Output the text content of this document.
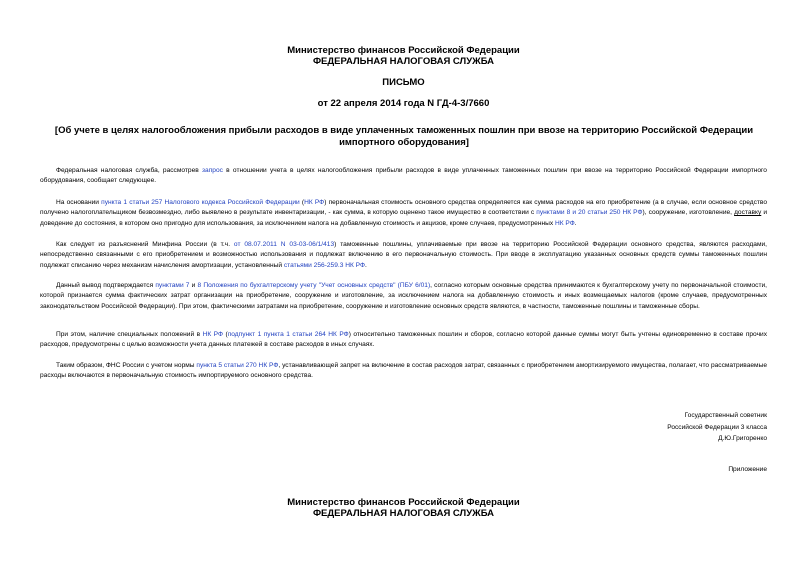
Министерство финансов Российской Федерации
ФЕДЕРАЛЬНАЯ НАЛОГОВАЯ СЛУЖБА
ПИСЬМО
от 22 апреля 2014 года N ГД-4-3/7660
[Об учете в целях налогообложения прибыли расходов в виде уплаченных таможенных пошлин при ввозе на территорию Российской Федерации импортного оборудования]

Федеральная налоговая служба, рассмотрев запрос в отношении учета в целях налогообложения прибыли расходов в виде уплаченных таможенных пошлин при ввозе на территорию Российской Федерации импортного оборудования, сообщает следующее.

На основании пункта 1 статьи 257 Налогового кодекса Российской Федерации (НК РФ) первоначальная стоимость основного средства определяется как сумма расходов на его приобретение (а в случае, если основное средство получено налогоплательщиком безвозмездно, либо выявлено в результате инвентаризации, - как сумма, в которую оценено такое имущество в соответствии с пунктами 8 и 20 статьи 250 НК РФ), сооружение, изготовление, доставку и доведение до состояния, в котором оно пригодно для использования, за исключением налога на добавленную стоимость и акцизов, кроме случаев, предусмотренных НК РФ.

Как следует из разъяснений Минфина России (в т.ч. от 08.07.2011 N 03-03-06/1/413) таможенные пошлины, уплачиваемые при ввозе на территорию Российской Федерации основного средства, являются расходами, непосредственно связанными с его приобретением и возможностью использования и подлежат включению в его первоначальную стоимость. При вводе в эксплуатацию указанных основных средств суммы таможенных пошлин подлежат списанию через механизм начисления амортизации, установленный статьями 256-259.3 НК РФ.

Данный вывод подтверждается пунктами 7 и 8 Положения по бухгалтерскому учету "Учет основных средств" (ПБУ 6/01), согласно которым основные средства принимаются к бухгалтерскому учету по первоначальной стоимости, которой признается сумма фактических затрат организации на приобретение, сооружение и изготовление, за исключением налога на добавленную стоимость и иных возмещаемых налогов (кроме случаев, предусмотренных законодательством Российской Федерации). При этом, фактическими затратами на приобретение, сооружение и изготовление основных средств являются, в частности, таможенные пошлины и таможенные сборы.

При этом, наличие специальных положений в НК РФ (подпункт 1 пункта 1 статьи 264 НК РФ) относительно таможенных пошлин и сборов, согласно которой данные суммы могут быть учтены единовременно в составе прочих расходов, предусмотрены с целью возможности учета данных платежей в составе расходов в иных случаях.

Таким образом, ФНС России с учетом нормы пункта 5 статьи 270 НК РФ, устанавливающей запрет на включение в состав расходов затрат, связанных с приобретением амортизируемого имущества, полагает, что рассматриваемые расходы включаются в первоначальную стоимость импортируемого основного средства.

Государственный советник
Российской Федерации 3 класса
Д.Ю.Григоренко
Приложение
Министерство финансов Российской Федерации
ФЕДЕРАЛЬНАЯ НАЛОГОВАЯ СЛУЖБА
